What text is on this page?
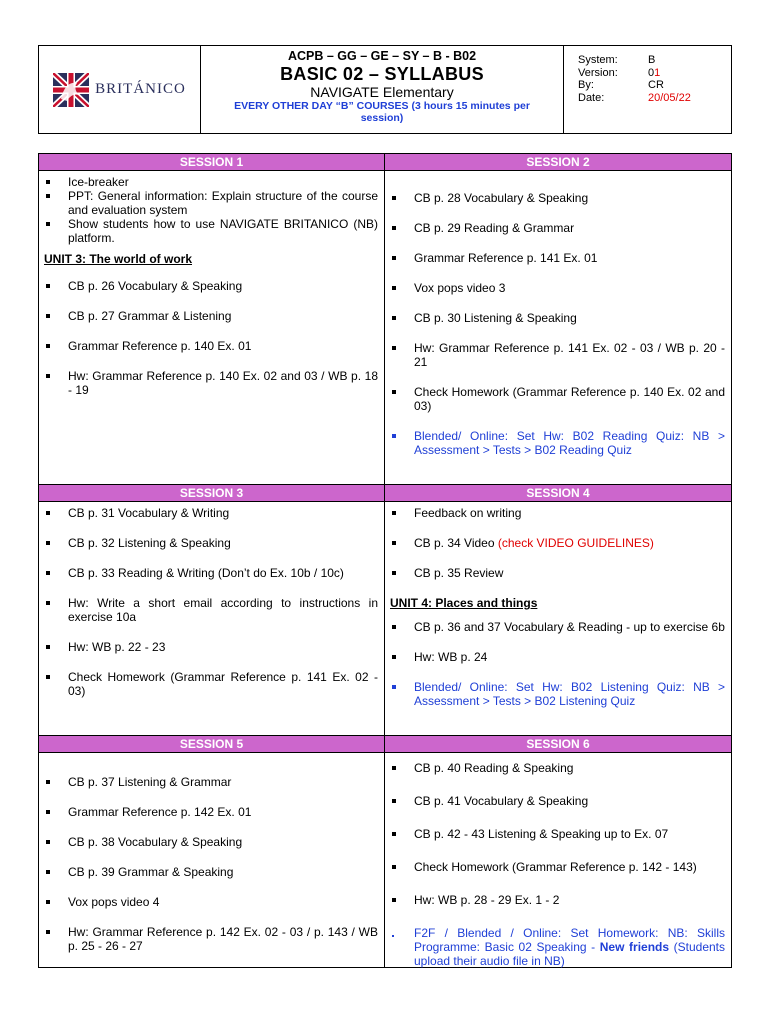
BRITÁNICO
ACPB – GG – GE – SY – B - B02
BASIC 02 – SYLLABUS
NAVIGATE Elementary
EVERY OTHER DAY “B” COURSES (3 hours 15 minutes per session)
System:	B
Version:	01
By:	CR
Date:	20/05/22
SESSION 1
Ice-breaker
PPT: General information: Explain structure of the course and evaluation system
Show students how to use NAVIGATE BRITANICO (NB) platform.
UNIT 3: The world of work
CB p. 26 Vocabulary & Speaking
CB p. 27 Grammar & Listening
Grammar Reference p. 140 Ex. 01
Hw: Grammar Reference p. 140 Ex. 02 and 03 / WB p. 18 - 19
SESSION 2
CB p. 28 Vocabulary & Speaking
CB p. 29 Reading & Grammar
Grammar Reference p. 141 Ex. 01
Vox pops video 3
CB p. 30 Listening & Speaking
Hw: Grammar Reference p. 141 Ex. 02 - 03 / WB p. 20 - 21
Check Homework (Grammar Reference p. 140 Ex. 02 and 03)
Blended/ Online: Set Hw: B02 Reading Quiz: NB > Assessment > Tests > B02 Reading Quiz
SESSION 3
CB p. 31 Vocabulary & Writing
CB p. 32 Listening & Speaking
CB p. 33 Reading & Writing (Don’t do Ex. 10b / 10c)
Hw: Write a short email according to instructions in exercise 10a
Hw: WB p. 22 - 23
Check Homework (Grammar Reference p. 141 Ex. 02 - 03)
SESSION 4
Feedback on writing
CB p. 34 Video (check VIDEO GUIDELINES)
CB p. 35 Review
UNIT 4: Places and things
CB p. 36 and 37 Vocabulary & Reading - up to exercise 6b
Hw: WB p. 24
Blended/ Online: Set Hw: B02 Listening Quiz: NB > Assessment > Tests > B02 Listening Quiz
SESSION 5
CB p. 37 Listening & Grammar
Grammar Reference p. 142 Ex. 01
CB p. 38 Vocabulary & Speaking
CB p. 39 Grammar & Speaking
Vox pops video 4
Hw: Grammar Reference p. 142 Ex. 02 - 03 / p. 143 / WB p. 25 - 26 - 27
SESSION 6
CB p. 40 Reading & Speaking
CB p. 41 Vocabulary & Speaking
CB p. 42 - 43 Listening & Speaking up to Ex. 07
Check Homework (Grammar Reference p. 142 - 143)
Hw: WB p. 28 - 29 Ex. 1 - 2
F2F / Blended / Online: Set Homework: NB: Skills Programme: Basic 02 Speaking - New friends (Students upload their audio file in NB)
